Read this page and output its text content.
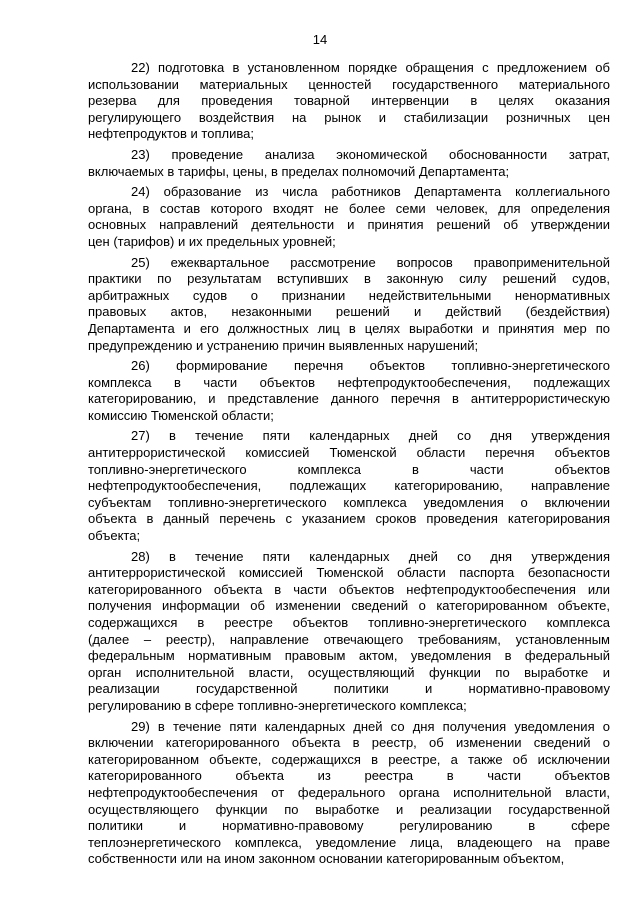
14
22) подготовка в установленном порядке обращения с предложением об
использовании материальных ценностей государственного материального
резерва для проведения товарной интервенции в целях оказания
регулирующего воздействия на рынок и стабилизации розничных цен
нефтепродуктов и топлива;
23) проведение анализа экономической обоснованности затрат,
включаемых в тарифы, цены, в пределах полномочий Департамента;
24) образование из числа работников Департамента коллегиального
органа, в состав которого входят не более семи человек, для определения
основных направлений деятельности и принятия решений об утверждении
цен (тарифов) и их предельных уровней;
25) ежеквартальное рассмотрение вопросов правоприменительной
практики по результатам вступивших в законную силу решений судов,
арбитражных судов о признании недействительными ненормативных
правовых актов, незаконными решений и действий (бездействия)
Департамента и его должностных лиц в целях выработки и принятия мер по
предупреждению и устранению причин выявленных нарушений;
26) формирование перечня объектов топливно-энергетического
комплекса в части объектов нефтепродуктообеспечения, подлежащих
категорированию, и представление данного перечня в антитеррористическую
комиссию Тюменской области;
27) в течение пяти календарных дней со дня утверждения
антитеррористической комиссией Тюменской области перечня объектов
топливно-энергетического комплекса в части объектов
нефтепродуктообеспечения, подлежащих категорированию, направление
субъектам топливно-энергетического комплекса уведомления о включении
объекта в данный перечень с указанием сроков проведения категорирования
объекта;
28) в течение пяти календарных дней со дня утверждения
антитеррористической комиссией Тюменской области паспорта безопасности
категорированного объекта в части объектов нефтепродуктообеспечения или
получения информации об изменении сведений о категорированном объекте,
содержащихся в реестре объектов топливно-энергетического комплекса
(далее – реестр), направление отвечающего требованиям, установленным
федеральным нормативным правовым актом, уведомления в федеральный
орган исполнительной власти, осуществляющий функции по выработке и
реализации государственной политики и нормативно-правовому
регулированию в сфере топливно-энергетического комплекса;
29) в течение пяти календарных дней со дня получения уведомления о
включении категорированного объекта в реестр, об изменении сведений о
категорированном объекте, содержащихся в реестре, а также об исключении
категорированного объекта из реестра в части объектов
нефтепродуктообеспечения от федерального органа исполнительной власти,
осуществляющего функции по выработке и реализации государственной
политики и нормативно-правовому регулированию в сфере
теплоэнергетического комплекса, уведомление лица, владеющего на праве
собственности или на ином законном основании категорированным объектом,
